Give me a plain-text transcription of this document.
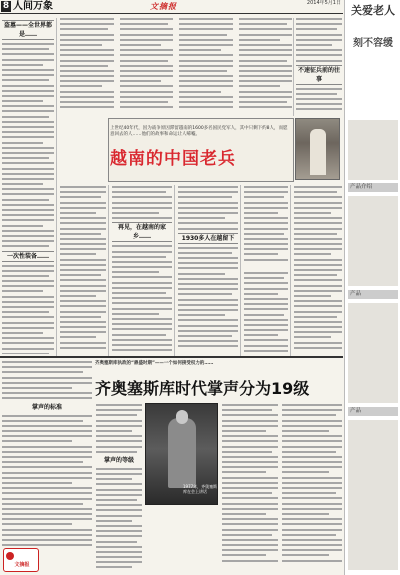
8 人间万象	文摘报	2014年5月1日
盗墓——全世界都是……
一次性装备……
不速征兵前的往事
上世纪40年代，因为战争原因滞留越南的1600多名国民党军人，其中只剩下约8人，而愿意回去的人……他们的故事和命运让人唏嘘。
越南的中国老兵
再见，在越南的家乡……	1930多人在越留下
掌声的标准
齐奥塞斯库执政的“鼎盛时期”——一个如何接受权力的……
齐奥塞斯库时代掌声分为19级
掌声的等级
1977年，齐奥塞斯库在会上讲话
文摘报
关爱老人
刻不容缓
产品介绍
产品
产品
